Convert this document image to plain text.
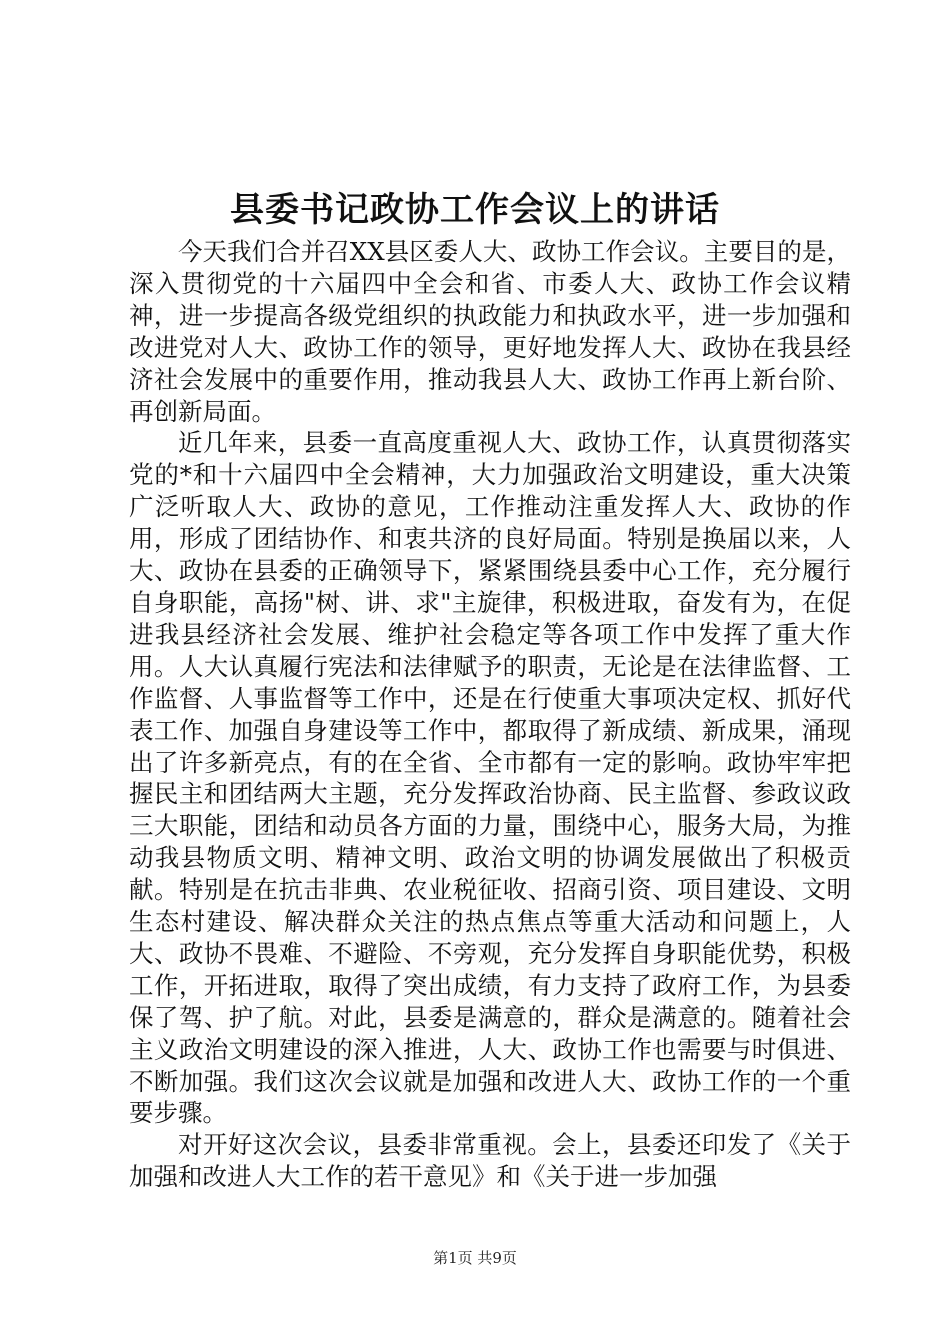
县委书记政协工作会议上的讲话

今天我们合并召XX县区委人大、政协工作会议。主要目的是，深入贯彻党的十六届四中全会和省、市委人大、政协工作会议精神，进一步提高各级党组织的执政能力和执政水平，进一步加强和改进党对人大、政协工作的领导，更好地发挥人大、政协在我县经济社会发展中的重要作用，推动我县人大、政协工作再上新台阶、再创新局面。

近几年来，县委一直高度重视人大、政协工作，认真贯彻落实党的*和十六届四中全会精神，大力加强政治文明建设，重大决策广泛听取人大、政协的意见，工作推动注重发挥人大、政协的作用，形成了团结协作、和衷共济的良好局面。特别是换届以来，人大、政协在县委的正确领导下，紧紧围绕县委中心工作，充分履行自身职能，高扬"树、讲、求"主旋律，积极进取，奋发有为，在促进我县经济社会发展、维护社会稳定等各项工作中发挥了重大作用。人大认真履行宪法和法律赋予的职责，无论是在法律监督、工作监督、人事监督等工作中，还是在行使重大事项决定权、抓好代表工作、加强自身建设等工作中，都取得了新成绩、新成果，涌现出了许多新亮点，有的在全省、全市都有一定的影响。政协牢牢把握民主和团结两大主题，充分发挥政治协商、民主监督、参政议政三大职能，团结和动员各方面的力量，围绕中心，服务大局，为推动我县物质文明、精神文明、政治文明的协调发展做出了积极贡献。特别是在抗击非典、农业税征收、招商引资、项目建设、文明生态村建设、解决群众关注的热点焦点等重大活动和问题上，人大、政协不畏难、不避险、不旁观，充分发挥自身职能优势，积极工作，开拓进取，取得了突出成绩，有力支持了政府工作，为县委保了驾、护了航。对此，县委是满意的，群众是满意的。随着社会主义政治文明建设的深入推进，人大、政协工作也需要与时俱进、不断加强。我们这次会议就是加强和改进人大、政协工作的一个重要步骤。

对开好这次会议，县委非常重视。会上，县委还印发了《关于加强和改进人大工作的若干意见》和《关于进一步加强

第1页 共9页
